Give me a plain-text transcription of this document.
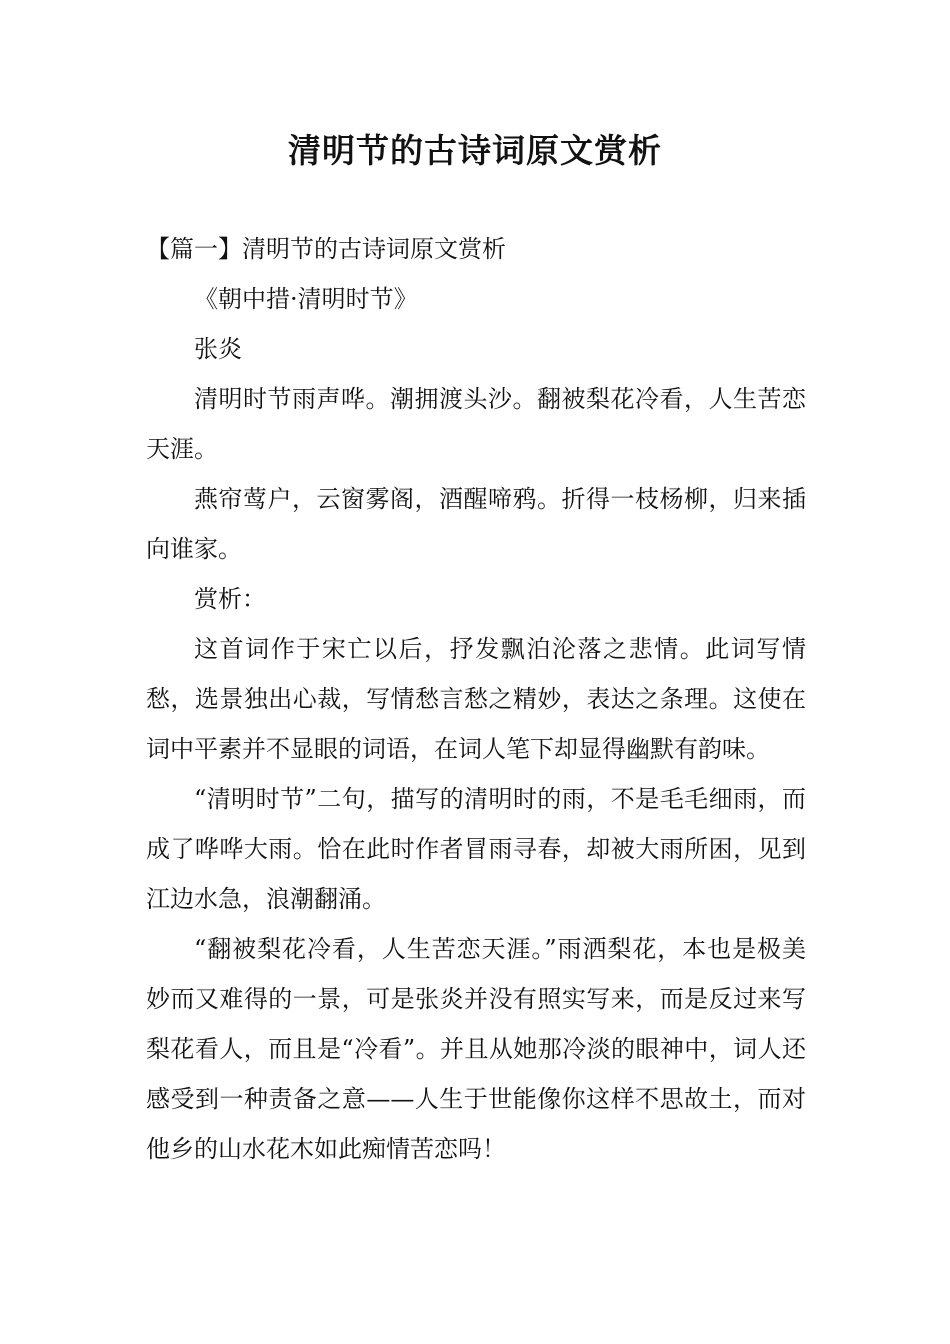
清明节的古诗词原文赏析

【篇一】清明节的古诗词原文赏析

《朝中措·清明时节》

张炎

清明时节雨声哗。潮拥渡头沙。翻被梨花冷看，人生苦恋天涯。

燕帘莺户，云窗雾阁，酒醒啼鸦。折得一枝杨柳，归来插向谁家。

赏析：

这首词作于宋亡以后，抒发飘泊沦落之悲情。此词写情愁，选景独出心裁，写情愁言愁之精妙，表达之条理。这使在词中平素并不显眼的词语，在词人笔下却显得幽默有韵味。

“清明时节”二句，描写的清明时的雨，不是毛毛细雨，而成了哗哗大雨。恰在此时作者冒雨寻春，却被大雨所困，见到江边水急，浪潮翻涌。

“翻被梨花冷看，人生苦恋天涯。”雨洒梨花，本也是极美妙而又难得的一景，可是张炎并没有照实写来，而是反过来写梨花看人，而且是“冷看”。并且从她那冷淡的眼神中，词人还感受到一种责备之意——人生于世能像你这样不思故土，而对他乡的山水花木如此痴情苦恋吗！
